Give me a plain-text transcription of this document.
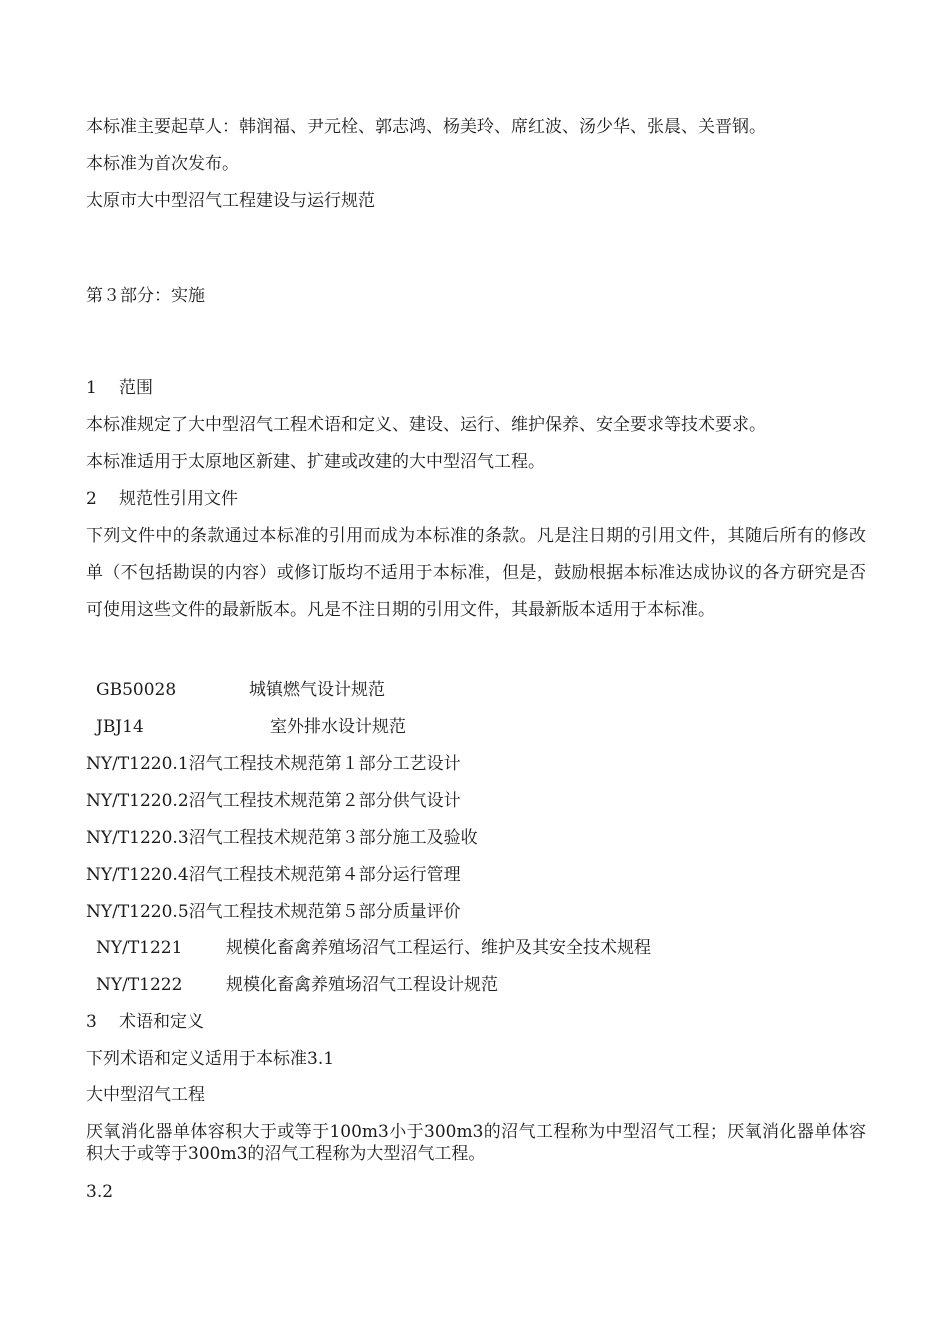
本标准主要起草人：韩润福、尹元栓、郭志鸿、杨美玲、席红波、汤少华、张晨、关晋钢。
本标准为首次发布。
太原市大中型沼气工程建设与运行规范
第３部分：实施
1 范围
本标准规定了大中型沼气工程术语和定义、建设、运行、维护保养、安全要求等技术要求。
本标准适用于太原地区新建、扩建或改建的大中型沼气工程。
2 规范性引用文件
下列文件中的条款通过本标准的引用而成为本标准的条款。凡是注日期的引用文件，其随后所有的修改单（不包括勘误的内容）或修订版均不适用于本标准，但是，鼓励根据本标准达成协议的各方研究是否可使用这些文件的最新版本。凡是不注日期的引用文件，其最新版本适用于本标准。
GB50028	城镇燃气设计规范
JBJ14	室外排水设计规范
NY/T1220.1沼气工程技术规范第１部分工艺设计
NY/T1220.2沼气工程技术规范第２部分供气设计
NY/T1220.3沼气工程技术规范第３部分施工及验收
NY/T1220.4沼气工程技术规范第４部分运行管理
NY/T1220.5沼气工程技术规范第５部分质量评价
NY/T1221	规模化畜禽养殖场沼气工程运行、维护及其安全技术规程
NY/T1222	规模化畜禽养殖场沼气工程设计规范
3 术语和定义
下列术语和定义适用于本标准3.1
大中型沼气工程
厌氧消化器单体容积大于或等于100m3小于300m3的沼气工程称为中型沼气工程；厌氧消化器单体容积大于或等于300m3的沼气工程称为大型沼气工程。
3.2
